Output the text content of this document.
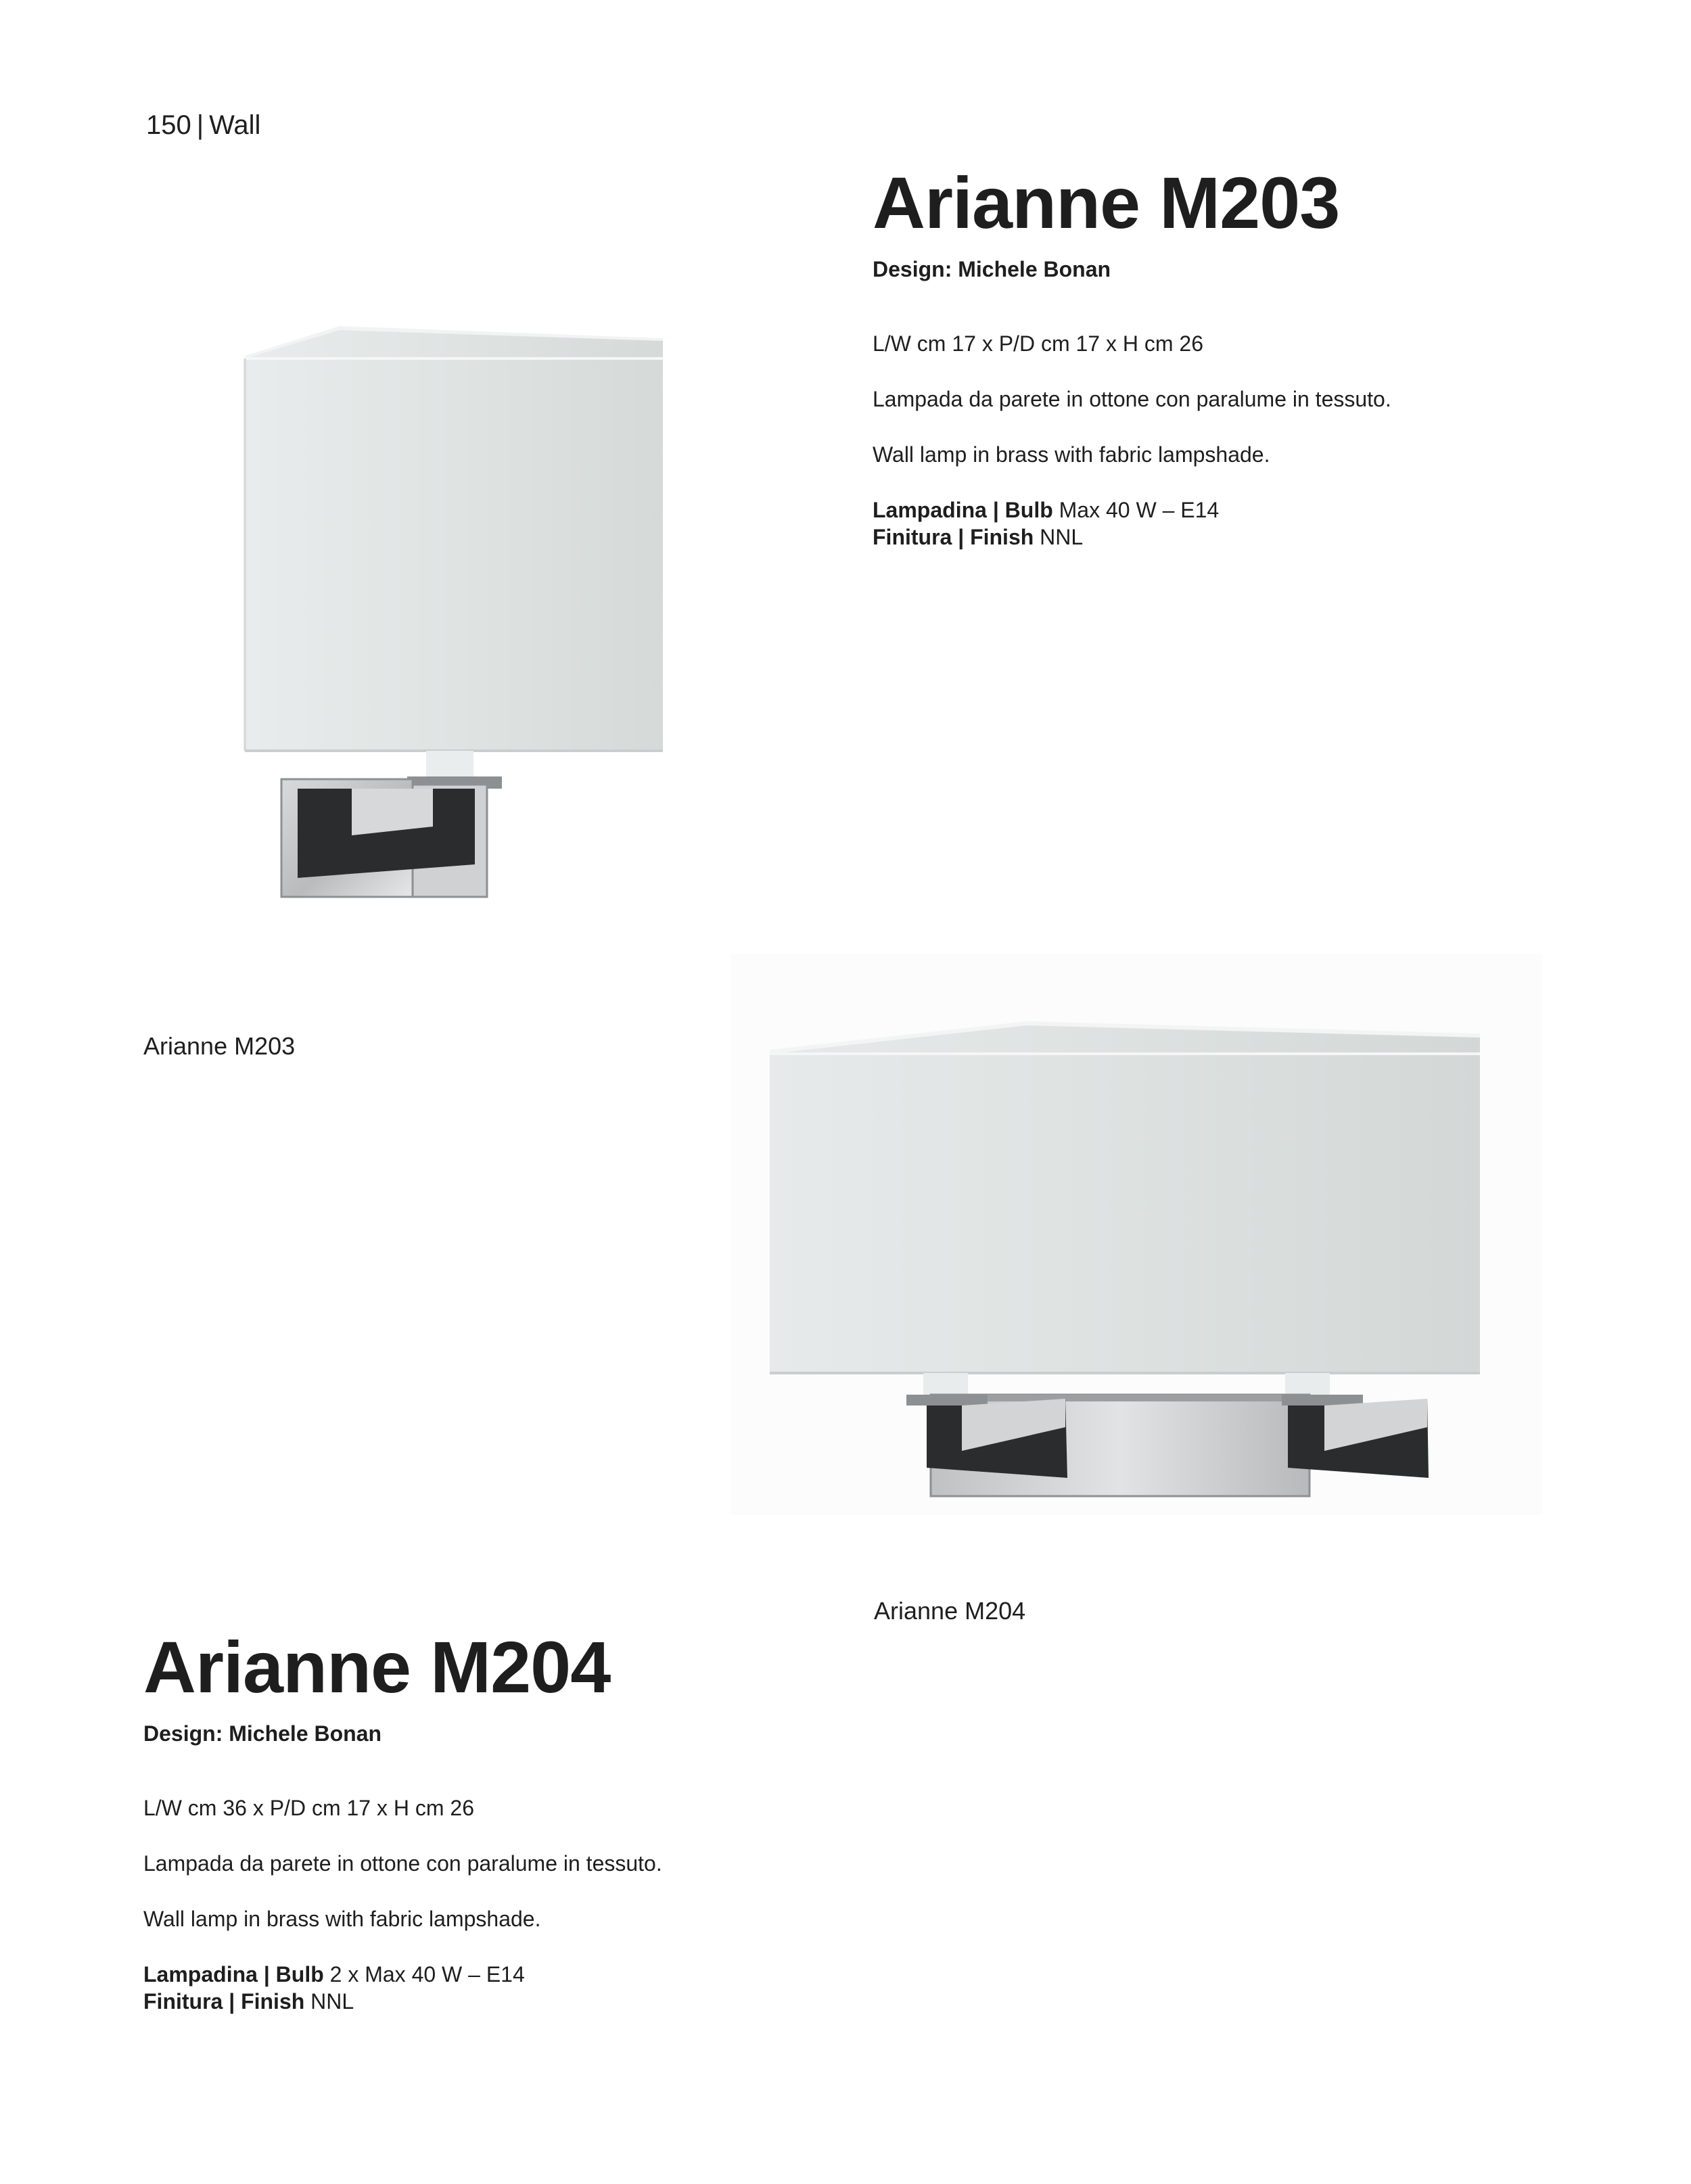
150 | Wall
Arianne M203
Design: Michele Bonan
L/W cm 17 x P/D cm 17 x H cm 26
Lampada da parete in ottone con paralume in tessuto.
Wall lamp in brass with fabric lampshade.
Lampadina | Bulb Max 40 W – E14
Finitura | Finish NNL
Arianne M203
Arianne M204
Arianne M204
Design: Michele Bonan
L/W cm 36 x P/D cm 17 x H cm 26
Lampada da parete in ottone con paralume in tessuto.
Wall lamp in brass with fabric lampshade.
Lampadina | Bulb 2 x Max 40 W – E14
Finitura | Finish NNL
